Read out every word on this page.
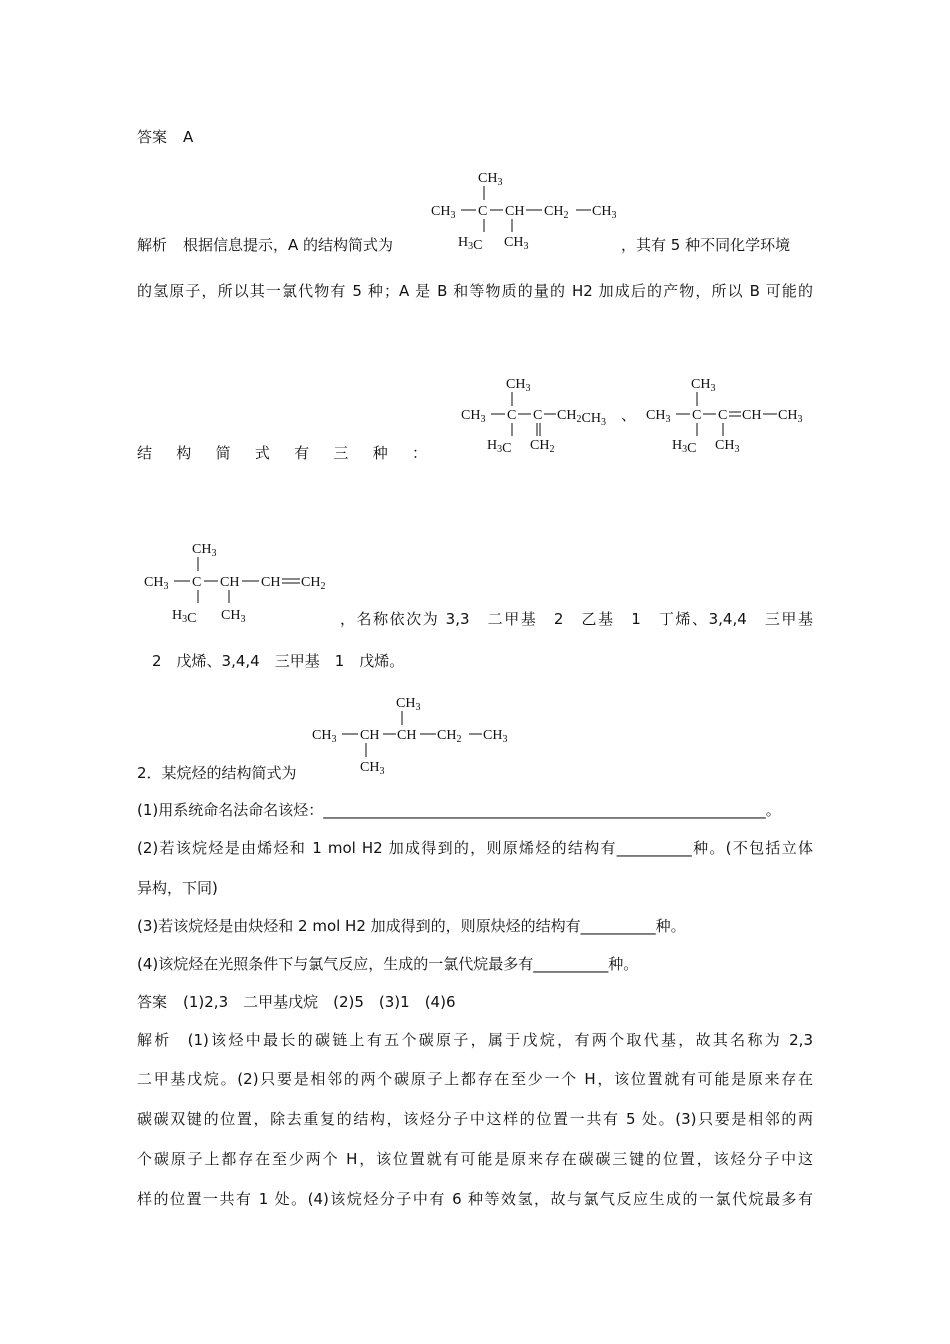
答案 A
$CH_3$
$CH_3$ C CH $CH_2$ $CH_3$
$H_3C$ $CH_3$
解析 根据信息提示，A 的结构简式为	，其有 5 种不同化学环境
的氢原子，所以其一氯代物有 5 种；A 是 B 和等物质的量的 H2 加成后的产物，所以 B 可能的
结构简式有三种：
$CH_3$
$CH_3$ C C $CH_2CH_3$
$H_3C$ $CH_2$
、
$CH_3$
$CH_3$ C C CH $CH_3$
$H_3C$ $CH_3$
$CH_3$
$CH_3$ C CH CH $CH_2$
$H_3C$ $CH_3$	，名称依次为 3,3　二甲基　2　乙基　1　丁烯、3,4,4　三甲基
2　戊烯、3,4,4　三甲基　1　戊烯。
$CH_3$
$CH_3$ CH CH $CH_2$ $CH_3$
$CH_3$
2．某烷烃的结构简式为
(1)用系统命名法命名该烃：___________________________________________________________。
(2)若该烷烃是由烯烃和 1 mol H2 加成得到的，则原烯烃的结构有__________种。(不包括立体
异构，下同)
(3)若该烷烃是由炔烃和 2 mol H2 加成得到的，则原炔烃的结构有__________种。
(4)该烷烃在光照条件下与氯气反应，生成的一氯代烷最多有__________种。
答案 (1)2,3　二甲基戊烷　(2)5　(3)1　(4)6
解析 (1)该烃中最长的碳链上有五个碳原子，属于戊烷，有两个取代基，故其名称为 2,3
二甲基戊烷。(2)只要是相邻的两个碳原子上都存在至少一个 H，该位置就有可能是原来存在
碳碳双键的位置，除去重复的结构，该烃分子中这样的位置一共有 5 处。(3)只要是相邻的两
个碳原子上都存在至少两个 H，该位置就有可能是原来存在碳碳三键的位置，该烃分子中这
样的位置一共有 1 处。(4)该烷烃分子中有 6 种等效氢，故与氯气反应生成的一氯代烷最多有
